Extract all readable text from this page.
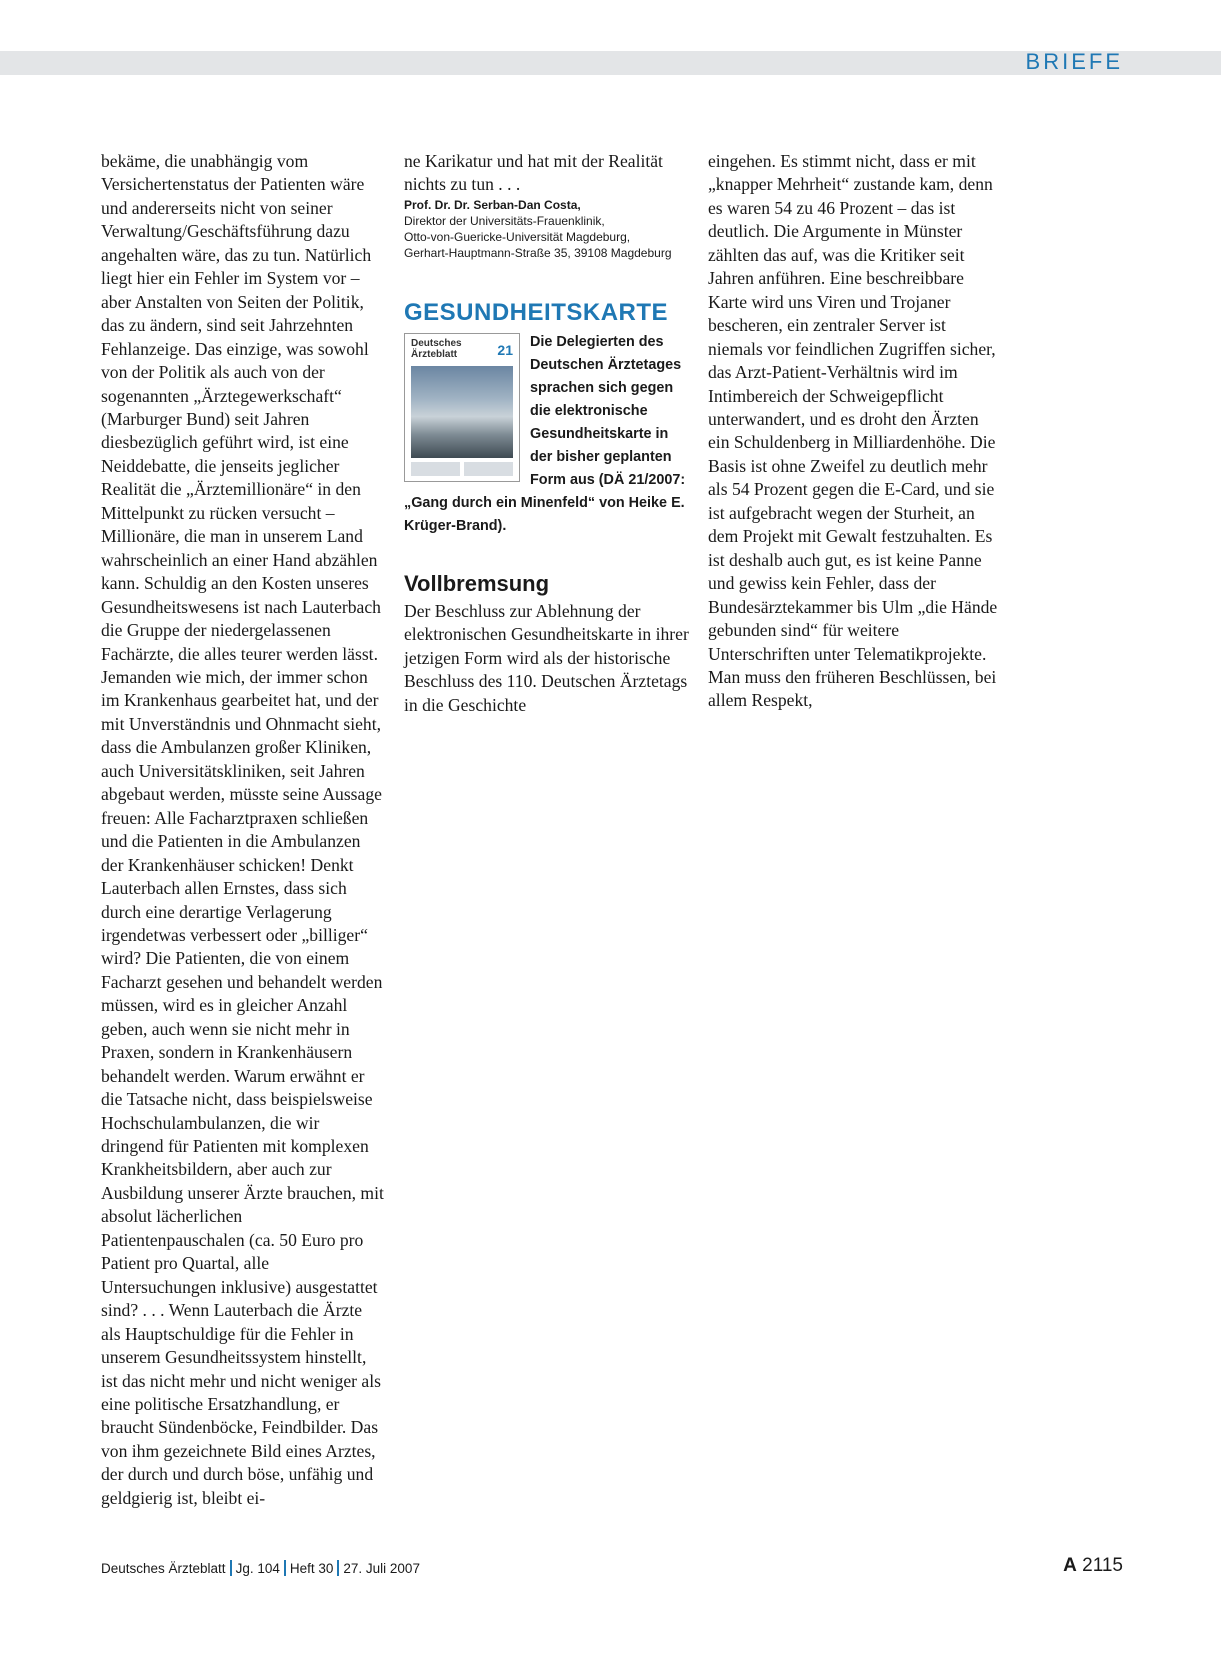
BRIEFE

bekäme, die unabhängig vom Versichertenstatus der Patienten wäre und andererseits nicht von seiner Verwaltung/Geschäftsführung dazu angehalten wäre, das zu tun. Natürlich liegt hier ein Fehler im System vor – aber Anstalten von Seiten der Politik, das zu ändern, sind seit Jahrzehnten Fehlanzeige. Das einzige, was sowohl von der Politik als auch von der sogenannten „Ärztegewerkschaft“ (Marburger Bund) seit Jahren diesbezüglich geführt wird, ist eine Neiddebatte, die jenseits jeglicher Realität die „Ärztemillionäre“ in den Mittelpunkt zu rücken versucht – Millionäre, die man in unserem Land wahrscheinlich an einer Hand abzählen kann. Schuldig an den Kosten unseres Gesundheitswesens ist nach Lauterbach die Gruppe der niedergelassenen Fachärzte, die alles teurer werden lässt. Jemanden wie mich, der immer schon im Krankenhaus gearbeitet hat, und der mit Unverständnis und Ohnmacht sieht, dass die Ambulanzen großer Kliniken, auch Universitätskliniken, seit Jahren abgebaut werden, müsste seine Aussage freuen: Alle Facharztpraxen schließen und die Patienten in die Ambulanzen der Krankenhäuser schicken! Denkt Lauterbach allen Ernstes, dass sich durch eine derartige Verlagerung irgendetwas verbessert oder „billiger“ wird? Die Patienten, die von einem Facharzt gesehen und behandelt werden müssen, wird es in gleicher Anzahl geben, auch wenn sie nicht mehr in Praxen, sondern in Krankenhäusern behandelt werden. Warum erwähnt er die Tatsache nicht, dass beispielsweise Hochschulambulanzen, die wir dringend für Patienten mit komplexen Krankheitsbildern, aber auch zur Ausbildung unserer Ärzte brauchen, mit absolut lächerlichen Patientenpauschalen (ca. 50 Euro pro Patient pro Quartal, alle Untersuchungen inklusive) ausgestattet sind? . . . Wenn Lauterbach die Ärzte als Hauptschuldige für die Fehler in unserem Gesundheitssystem hinstellt, ist das nicht mehr und nicht weniger als eine politische Ersatzhandlung, er braucht Sündenböcke, Feindbilder. Das von ihm gezeichnete Bild eines Arztes, der durch und durch böse, unfähig und geldgierig ist, bleibt ei-

ne Karikatur und hat mit der Realität nichts zu tun . . .

Prof. Dr. Dr. Serban-Dan Costa,

Direktor der Universitäts-Frauenklinik,

Otto-von-Guericke-Universität Magdeburg,

Gerhart-Hauptmann-Straße 35, 39108 Magdeburg

GESUNDHEITSKARTE
Deutsches Ärzteblatt	21	Die Delegierten des Deutschen Ärztetages sprachen sich gegen die elektronische Gesundheitskarte in der bisher geplanten Form aus (DÄ 21/2007: „Gang durch ein Minenfeld“ von Heike E. Krüger-Brand).

Vollbremsung

Der Beschluss zur Ablehnung der elektronischen Gesundheitskarte in ihrer jetzigen Form wird als der historische Beschluss des 110. Deutschen Ärztetags in die Geschichte

eingehen. Es stimmt nicht, dass er mit „knapper Mehrheit“ zustande kam, denn es waren 54 zu 46 Prozent – das ist deutlich. Die Argumente in Münster zählten das auf, was die Kritiker seit Jahren anführen. Eine beschreibbare Karte wird uns Viren und Trojaner bescheren, ein zentraler Server ist niemals vor feindlichen Zugriffen sicher, das Arzt-Patient-Verhältnis wird im Intimbereich der Schweigepflicht unterwandert, und es droht den Ärzten ein Schuldenberg in Milliardenhöhe. Die Basis ist ohne Zweifel zu deutlich mehr als 54 Prozent gegen die E-Card, und sie ist aufgebracht wegen der Sturheit, an dem Projekt mit Gewalt festzuhalten. Es ist deshalb auch gut, es ist keine Panne und gewiss kein Fehler, dass der Bundesärztekammer bis Ulm „die Hände gebunden sind“ für weitere Unterschriften unter Telematikprojekte. Man muss den früheren Beschlüssen, bei allem Respekt,

Deutsches Ärzteblatt Jg. 104 Heft 30 27. Juli 2007	A 2115
